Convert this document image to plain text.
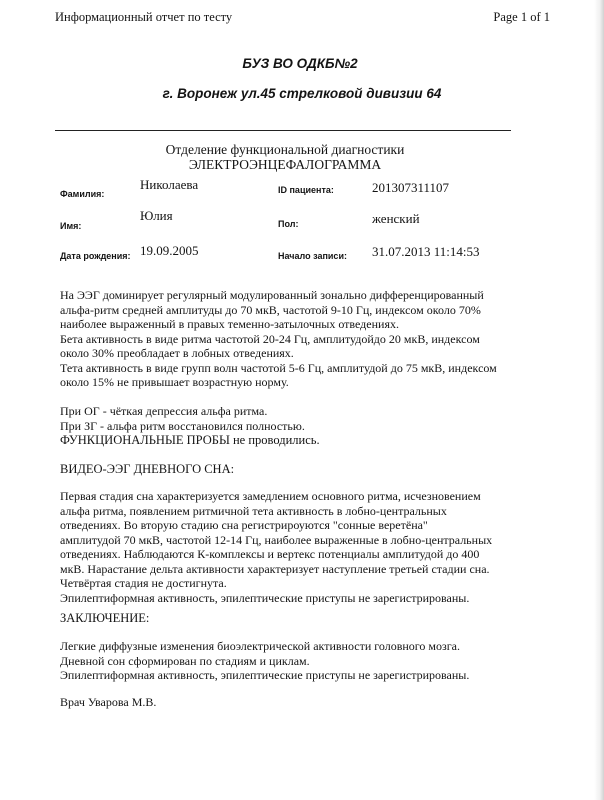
Информационный отчет по тесту	Page 1 of 1
БУЗ ВО ОДКБ№2
г. Воронеж ул.45 стрелковой дивизии 64
Отделение функциональной диагностики
ЭЛЕКТРОЭНЦЕФАЛОГРАММА
Фамилия:
Николаева	ID пациента:	201307311107
Имя:
Юлия
Пол:	женский
Дата рождения: 19.09.2005	Начало записи: 31.07.2013 11:14:53
На ЭЭГ доминирует регулярный модулированный зонально дифференцированный
альфа-ритм средней амплитуды до 70 мкВ, частотой 9-10 Гц, индексом около 70%
наиболее выраженный в правых теменно-затылочных отведениях.
Бета активность в виде ритма частотой 20-24 Гц, амплитудойдо 20 мкВ, индексом
около 30% преобладает в лобных отведениях.
Тета активность в виде групп волн частотой 5-6 Гц, амплитудой до 75 мкВ, индексом
около 15% не привышает возрастную норму.
При ОГ - чёткая депрессия альфа ритма.
При ЗГ - альфа ритм восстановился полностью.
ФУНКЦИОНАЛЬНЫЕ ПРОБЫ не проводились.
ВИДЕО-ЭЭГ ДНЕВНОГО СНА:
Первая стадия сна характеризуется замедлением основного ритма, исчезновением
альфа ритма, появлением ритмичной тета активность в лобно-центральных
отведениях. Во вторую стадию сна регистрироуются "сонные веретёна"
амплитудой 70 мкВ, частотой 12-14 Гц, наиболее выраженные в лобно-центральных
отведениях. Наблюдаются К-комплексы и вертекс потенциалы амплитудой до 400
мкВ. Нарастание дельта активности характеризует наступление третьей стадии сна.
Четвёртая стадия не достигнута.
Эпилептиформная активность, эпилептические приступы не зарегистрированы.
ЗАКЛЮЧЕНИЕ:
Легкие диффузные изменения биоэлектрической активности головного мозга.
Дневной сон сформирован по стадиям и циклам.
Эпилептиформная активность, эпилептические приступы не зарегистрированы.
Врач Уварова М.В.
